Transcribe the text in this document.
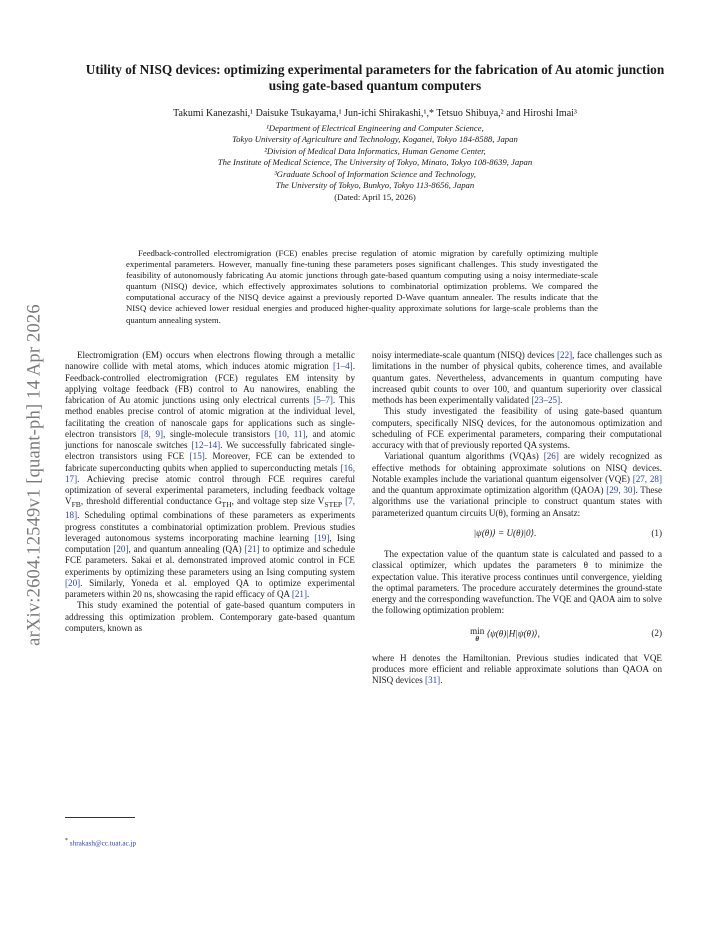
arXiv:2604.12549v1 [quant-ph] 14 Apr 2026
Utility of NISQ devices: optimizing experimental parameters for the fabrication of Au atomic junction using gate-based quantum computers
Takumi Kanezashi,¹ Daisuke Tsukayama,¹ Jun-ichi Shirakashi,¹,* Tetsuo Shibuya,² and Hiroshi Imai³
¹Department of Electrical Engineering and Computer Science,
Tokyo University of Agriculture and Technology, Koganei, Tokyo 184-8588, Japan
²Division of Medical Data Informatics, Human Genome Center,
The Institute of Medical Science, The University of Tokyo, Minato, Tokyo 108-8639, Japan
³Graduate School of Information Science and Technology,
The University of Tokyo, Bunkyo, Tokyo 113-8656, Japan
(Dated: April 15, 2026)
Feedback-controlled electromigration (FCE) enables precise regulation of atomic migration by carefully optimizing multiple experimental parameters. However, manually fine-tuning these parameters poses significant challenges. This study investigated the feasibility of autonomously fabricating Au atomic junctions through gate-based quantum computing using a noisy intermediate-scale quantum (NISQ) device, which effectively approximates solutions to combinatorial optimization problems. We compared the computational accuracy of the NISQ device against a previously reported D-Wave quantum annealer. The results indicate that the NISQ device achieved lower residual energies and produced higher-quality approximate solutions for large-scale problems than the quantum annealing system.

Electromigration (EM) occurs when electrons flowing through a metallic nanowire collide with metal atoms, which induces atomic migration [1–4]. Feedback-controlled electromigration (FCE) regulates EM intensity by applying voltage feedback (FB) control to Au nanowires, enabling the fabrication of Au atomic junctions using only electrical currents [5–7]. This method enables precise control of atomic migration at the individual level, facilitating the creation of nanoscale gaps for applications such as single-electron transistors [8, 9], single-molecule transistors [10, 11], and atomic junctions for nanoscale switches [12–14]. We successfully fabricated single-electron transistors using FCE [15]. Moreover, FCE can be extended to fabricate superconducting qubits when applied to superconducting metals [16, 17]. Achieving precise atomic control through FCE requires careful optimization of several experimental parameters, including feedback voltage $V_{FB}$, threshold differential conductance $G_{TH}$, and voltage step size $V_{STEP}$ [7, 18]. Scheduling optimal combinations of these parameters as experiments progress constitutes a combinatorial optimization problem. Previous studies leveraged autonomous systems incorporating machine learning [19], Ising computation [20], and quantum annealing (QA) [21] to optimize and schedule FCE parameters. Sakai et al. demonstrated improved atomic control in FCE experiments by optimizing these parameters using an Ising computing system [20]. Similarly, Yoneda et al. employed QA to optimize experimental parameters within 20 ns, showcasing the rapid efficacy of QA [21].

This study examined the potential of gate-based quantum computers in addressing this optimization problem. Contemporary gate-based quantum computers, known as

noisy intermediate-scale quantum (NISQ) devices [22], face challenges such as limitations in the number of physical qubits, coherence times, and available quantum gates. Nevertheless, advancements in quantum computing have increased qubit counts to over 100, and quantum superiority over classical methods has been experimentally validated [23–25].

This study investigated the feasibility of using gate-based quantum computers, specifically NISQ devices, for the autonomous optimization and scheduling of FCE experimental parameters, comparing their computational accuracy with that of previously reported QA systems.

Variational quantum algorithms (VQAs) [26] are widely recognized as effective methods for obtaining approximate solutions on NISQ devices. Notable examples include the variational quantum eigensolver (VQE) [27, 28] and the quantum approximate optimization algorithm (QAOA) [29, 30]. These algorithms use the variational principle to construct quantum states with parameterized quantum circuits U(θ), forming an Ansatz:

|ψ(θ)⟩ = U(θ)|0⟩.	(1)

The expectation value of the quantum state is calculated and passed to a classical optimizer, which updates the parameters θ to minimize the expectation value. This iterative process continues until convergence, yielding the optimal parameters. The procedure accurately determines the ground-state energy and the corresponding wavefunction. The VQE and QAOA aim to solve the following optimization problem:

min
θ
⟨ψ(θ)|H|ψ(θ)⟩,	(2)

where H denotes the Hamiltonian. Previous studies indicated that VQE produces more efficient and reliable approximate solutions than QAOA on NISQ devices [31].

* shrakash@cc.tuat.ac.jp
